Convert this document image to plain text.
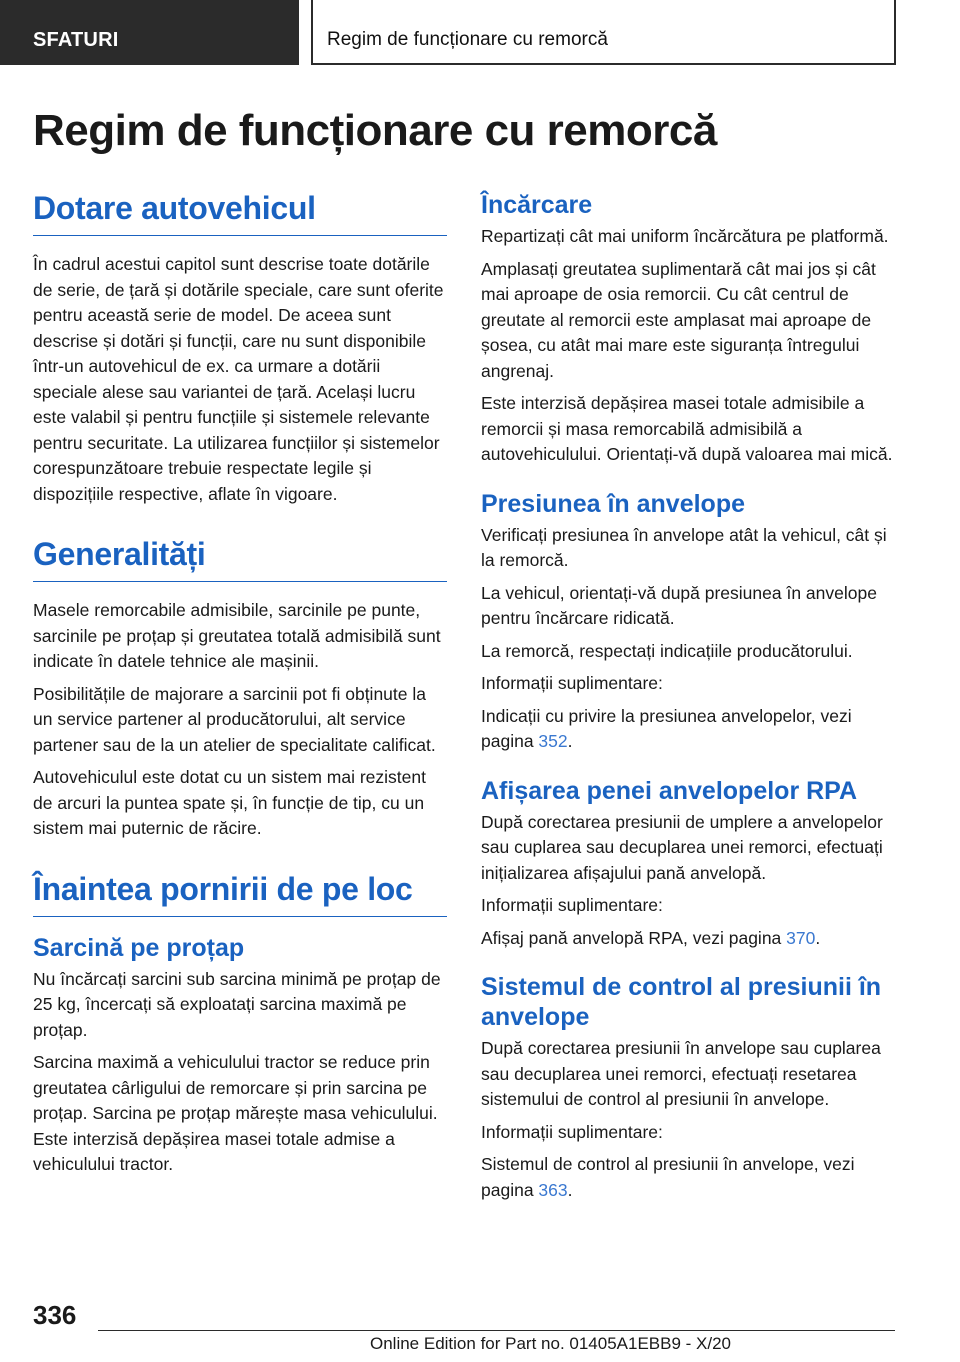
SFATURI	Regim de funcționare cu remorcă
Regim de funcționare cu remorcă
Dotare autovehicul

În cadrul acestui capitol sunt descrise toate dotările de serie, de țară și dotările speciale, care sunt oferite pentru această serie de model. De aceea sunt descrise și dotări și funcții, care nu sunt disponibile într-un autovehicul de ex. ca urmare a dotării speciale alese sau variantei de țară. Același lucru este valabil și pentru funcțiile și sistemele relevante pentru securitate. La utilizarea funcțiilor și sistemelor corespunzătoare trebuie respectate legile și dispozițiile respective, aflate în vigoare.

Generalități

Masele remorcabile admisibile, sarcinile pe punte, sarcinile pe proțap și greutatea totală admisibilă sunt indicate în datele tehnice ale mașinii.

Posibilitățile de majorare a sarcinii pot fi obținute la un service partener al producătorului, alt service partener sau de la un atelier de specialitate calificat.

Autovehiculul este dotat cu un sistem mai rezistent de arcuri la puntea spate și, în funcție de tip, cu un sistem mai puternic de răcire.

Înaintea pornirii de pe loc
Sarcină pe proțap

Nu încărcați sarcini sub sarcina minimă pe proțap de 25 kg, încercați să exploatați sarcina maximă pe proțap.

Sarcina maximă a vehiculului tractor se reduce prin greutatea cârligului de remorcare și prin sarcina pe proțap. Sarcina pe proțap mărește masa vehiculului. Este interzisă depășirea masei totale admise a vehiculului tractor.

Încărcare

Repartizați cât mai uniform încărcătura pe platformă.

Amplasați greutatea suplimentară cât mai jos și cât mai aproape de osia remorcii. Cu cât centrul de greutate al remorcii este amplasat mai aproape de șosea, cu atât mai mare este siguranța întregului angrenaj.

Este interzisă depășirea masei totale admisibile a remorcii și masa remorcabilă admisibilă a autovehiculului. Orientați-vă după valoarea mai mică.

Presiunea în anvelope

Verificați presiunea în anvelope atât la vehicul, cât și la remorcă.

La vehicul, orientați-vă după presiunea în anvelope pentru încărcare ridicată.

La remorcă, respectați indicațiile producătorului.

Informații suplimentare:

Indicații cu privire la presiunea anvelopelor, vezi pagina 352.

Afișarea penei anvelopelor RPA

După corectarea presiunii de umplere a anvelopelor sau cuplarea sau decuplarea unei remorci, efectuați inițializarea afișajului pană anvelopă.

Informații suplimentare:

Afișaj pană anvelopă RPA, vezi pagina 370.

Sistemul de control al presiunii în anvelope

După corectarea presiunii în anvelope sau cuplarea sau decuplarea unei remorci, efectuați resetarea sistemului de control al presiunii în anvelope.

Informații suplimentare:

Sistemul de control al presiunii în anvelope, vezi pagina 363.

336
Online Edition for Part no. 01405A1EBB9 - X/20
